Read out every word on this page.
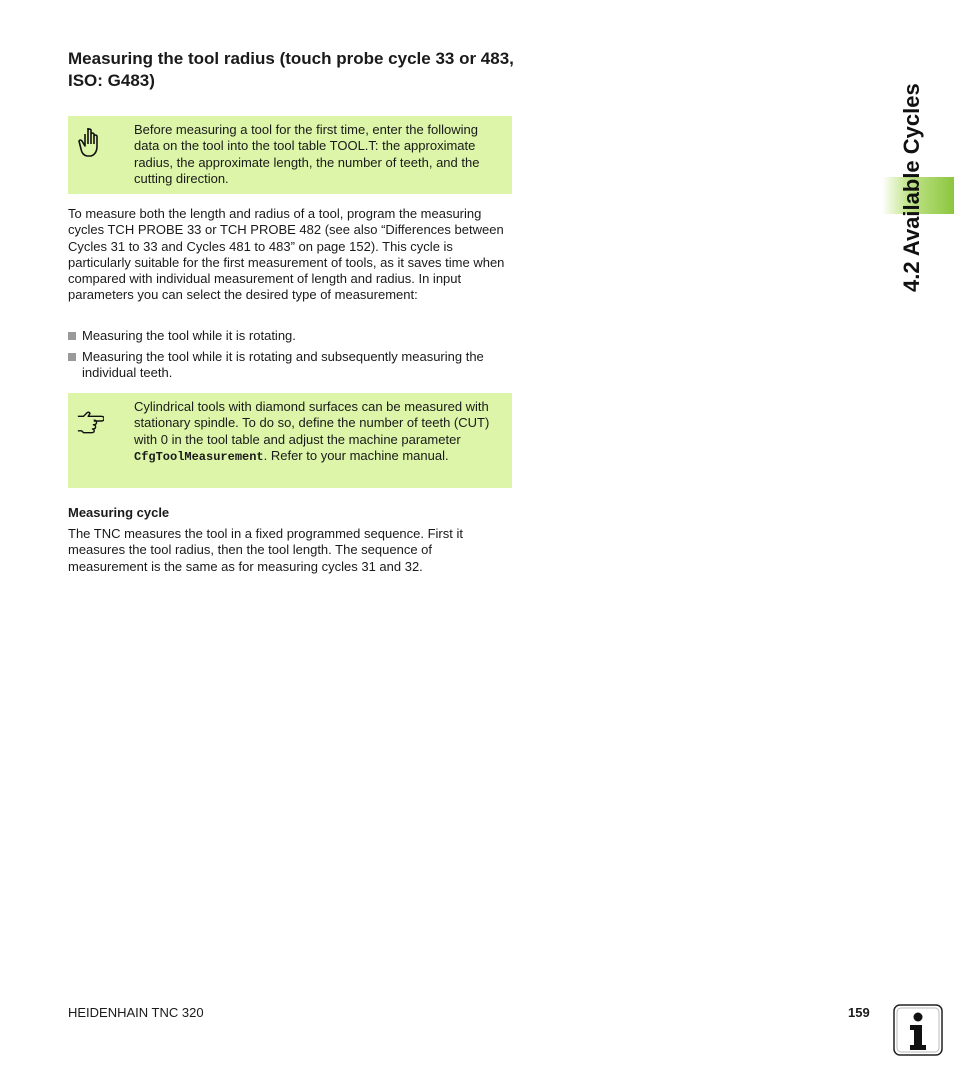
Measuring the tool radius (touch probe cycle 33 or 483, ISO: G483)
Before measuring a tool for the first time, enter the following data on the tool into the tool table TOOL.T: the approximate radius, the approximate length, the number of teeth, and the cutting direction.

To measure both the length and radius of a tool, program the measuring cycles TCH PROBE 33 or TCH PROBE 482 (see also “Differences between Cycles 31 to 33 and Cycles 481 to 483” on page 152). This cycle is particularly suitable for the first measurement of tools, as it saves time when compared with individual measurement of length and radius. In input parameters you can select the desired type of measurement:

Measuring the tool while it is rotating.
Measuring the tool while it is rotating and subsequently measuring the individual teeth.
Cylindrical tools with diamond surfaces can be measured with stationary spindle. To do so, define the number of teeth (CUT) with 0 in the tool table and adjust the machine parameter CfgToolMeasurement. Refer to your machine manual.
Measuring cycle

The TNC measures the tool in a fixed programmed sequence. First it measures the tool radius, then the tool length. The sequence of measurement is the same as for measuring cycles 31 and 32.

4.2 Available Cycles
HEIDENHAIN TNC 320	159
